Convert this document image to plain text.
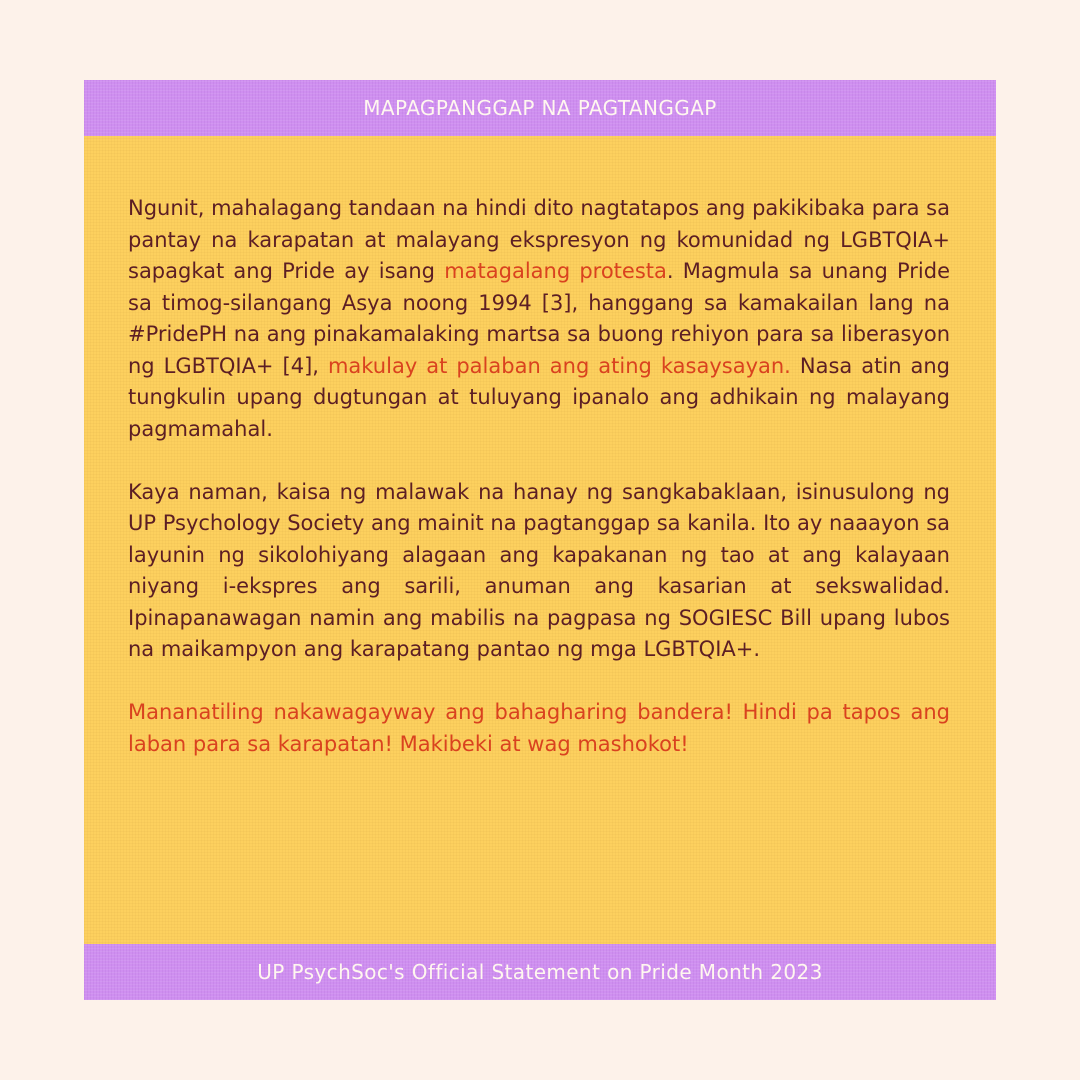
MAPAGPANGGAP NA PAGTANGGAP

Ngunit, mahalagang tandaan na hindi dito nagtatapos ang pakikibaka para sa pantay na karapatan at malayang ekspresyon ng komunidad ng LGBTQIA+ sapagkat ang Pride ay isang matagalang protesta. Magmula sa unang Pride sa timog-silangang Asya noong 1994 [3], hanggang sa kamakailan lang na #PridePH na ang pinakamalaking martsa sa buong rehiyon para sa liberasyon ng LGBTQIA+ [4], makulay at palaban ang ating kasaysayan. Nasa atin ang tungkulin upang dugtungan at tuluyang ipanalo ang adhikain ng malayang pagmamahal.

Kaya naman, kaisa ng malawak na hanay ng sangkabaklaan, isinusulong ng UP Psychology Society ang mainit na pagtanggap sa kanila. Ito ay naaayon sa layunin ng sikolohiyang alagaan ang kapakanan ng tao at ang kalayaan niyang i-ekspres ang sarili, anuman ang kasarian at sekswalidad. Ipinapanawagan namin ang mabilis na pagpasa ng SOGIESC Bill upang lubos na maikampyon ang karapatang pantao ng mga LGBTQIA+.

Mananatiling nakawagayway ang bahagharing bandera! Hindi pa tapos ang laban para sa karapatan! Makibeki at wag mashokot!

UP PsychSoc's Official Statement on Pride Month 2023
